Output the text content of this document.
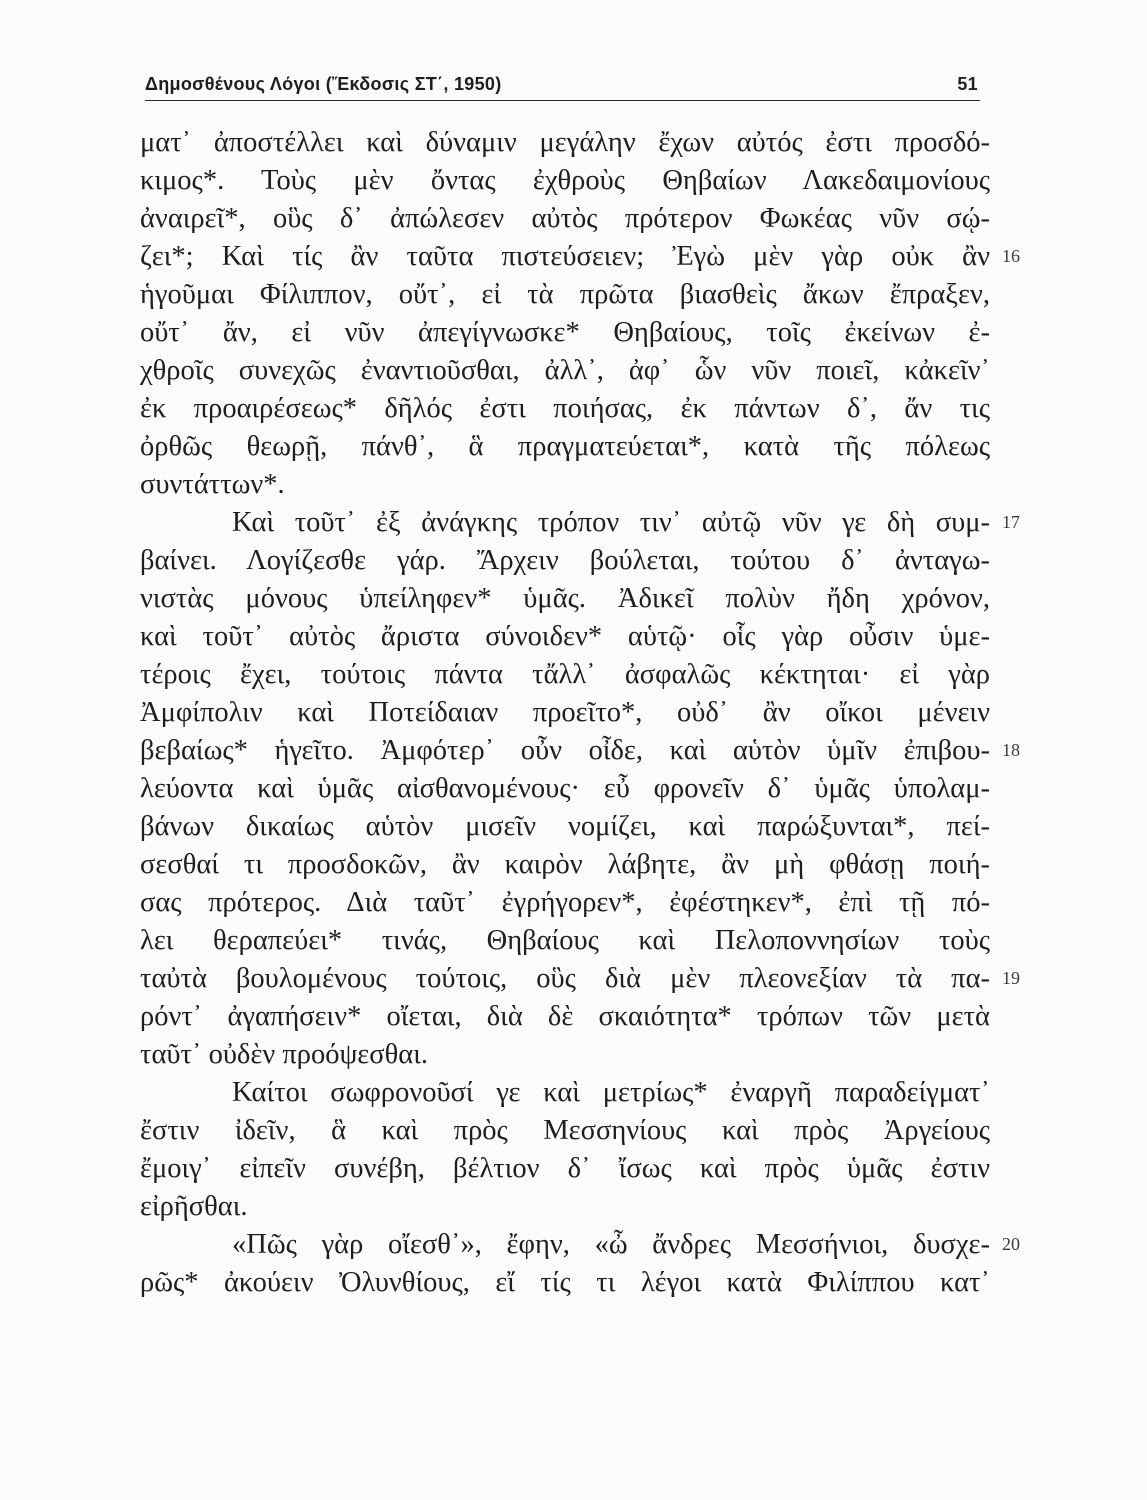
Δημοσθένους Λόγοι (Ἔκδοσις ΣΤ΄, 1950)	51
ματ᾽ ἀποστέλλει καὶ δύναμιν μεγάλην ἔχων αὐτός ἐστι προσδό-
κιμος*. Τοὺς μὲν ὄντας ἐχθροὺς Θηβαίων Λακεδαιμονίους
ἀναιρεῖ*, οὓς δ᾽ ἀπώλεσεν αὐτὸς πρότερον Φωκέας νῦν σῴ-
ζει*; Καὶ τίς ἂν ταῦτα πιστεύσειεν; Ἐγὼ μὲν γὰρ οὐκ ἂν
ἡγοῦμαι Φίλιππον, οὔτ᾽, εἰ τὰ πρῶτα βιασθεὶς ἄκων ἔπραξεν,
οὔτ᾽ ἄν, εἰ νῦν ἀπεγίγνωσκε* Θηβαίους, τοῖς ἐκείνων ἐ-
χθροῖς συνεχῶς ἐναντιοῦσθαι, ἀλλ᾽, ἀφ᾽ ὧν νῦν ποιεῖ, κἀκεῖν᾽
ἐκ προαιρέσεως* δῆλός ἐστι ποιήσας, ἐκ πάντων δ᾽, ἄν τις
ὀρθῶς θεωρῇ, πάνθ᾽, ἃ πραγματεύεται*, κατὰ τῆς πόλεως
συντάττων*.
Καὶ τοῦτ᾽ ἐξ ἀνάγκης τρόπον τιν᾽ αὐτῷ νῦν γε δὴ συμ-
βαίνει. Λογίζεσθε γάρ. Ἄρχειν βούλεται, τούτου δ᾽ ἀνταγω-
νιστὰς μόνους ὑπείληφεν* ὑμᾶς. Ἀδικεῖ πολὺν ἤδη χρόνον,
καὶ τοῦτ᾽ αὐτὸς ἄριστα σύνοιδεν* αὑτῷ· οἷς γὰρ οὖσιν ὑμε-
τέροις ἔχει, τούτοις πάντα τἄλλ᾽ ἀσφαλῶς κέκτηται· εἰ γὰρ
Ἀμφίπολιν καὶ Ποτείδαιαν προεῖτο*, οὐδ᾽ ἂν οἴκοι μένειν
βεβαίως* ἡγεῖτο. Ἀμφότερ᾽ οὖν οἶδε, καὶ αὑτὸν ὑμῖν ἐπιβου-
λεύοντα καὶ ὑμᾶς αἰσθανομένους· εὖ φρονεῖν δ᾽ ὑμᾶς ὑπολαμ-
βάνων δικαίως αὑτὸν μισεῖν νομίζει, καὶ παρώξυνται*, πεί-
σεσθαί τι προσδοκῶν, ἂν καιρὸν λάβητε, ἂν μὴ φθάσῃ ποιή-
σας πρότερος. Διὰ ταῦτ᾽ ἐγρήγορεν*, ἐφέστηκεν*, ἐπὶ τῇ πό-
λει θεραπεύει* τινάς, Θηβαίους καὶ Πελοποννησίων τοὺς
ταὐτὰ βουλομένους τούτοις, οὓς διὰ μὲν πλεονεξίαν τὰ πα-
ρόντ᾽ ἀγαπήσειν* οἴεται, διὰ δὲ σκαιότητα* τρόπων τῶν μετὰ
ταῦτ᾽ οὐδὲν προόψεσθαι.
Καίτοι σωφρονοῦσί γε καὶ μετρίως* ἐναργῆ παραδείγματ᾽
ἔστιν ἰδεῖν, ἃ καὶ πρὸς Μεσσηνίους καὶ πρὸς Ἀργείους
ἔμοιγ᾽ εἰπεῖν συνέβη, βέλτιον δ᾽ ἴσως καὶ πρὸς ὑμᾶς ἐστιν
εἰρῆσθαι.
«Πῶς γὰρ οἴεσθ᾽», ἔφην, «ὦ ἄνδρες Μεσσήνιοι, δυσχε-
ρῶς* ἀκούειν Ὀλυνθίους, εἴ τίς τι λέγοι κατὰ Φιλίππου κατ᾽
16
17
18
19
20
